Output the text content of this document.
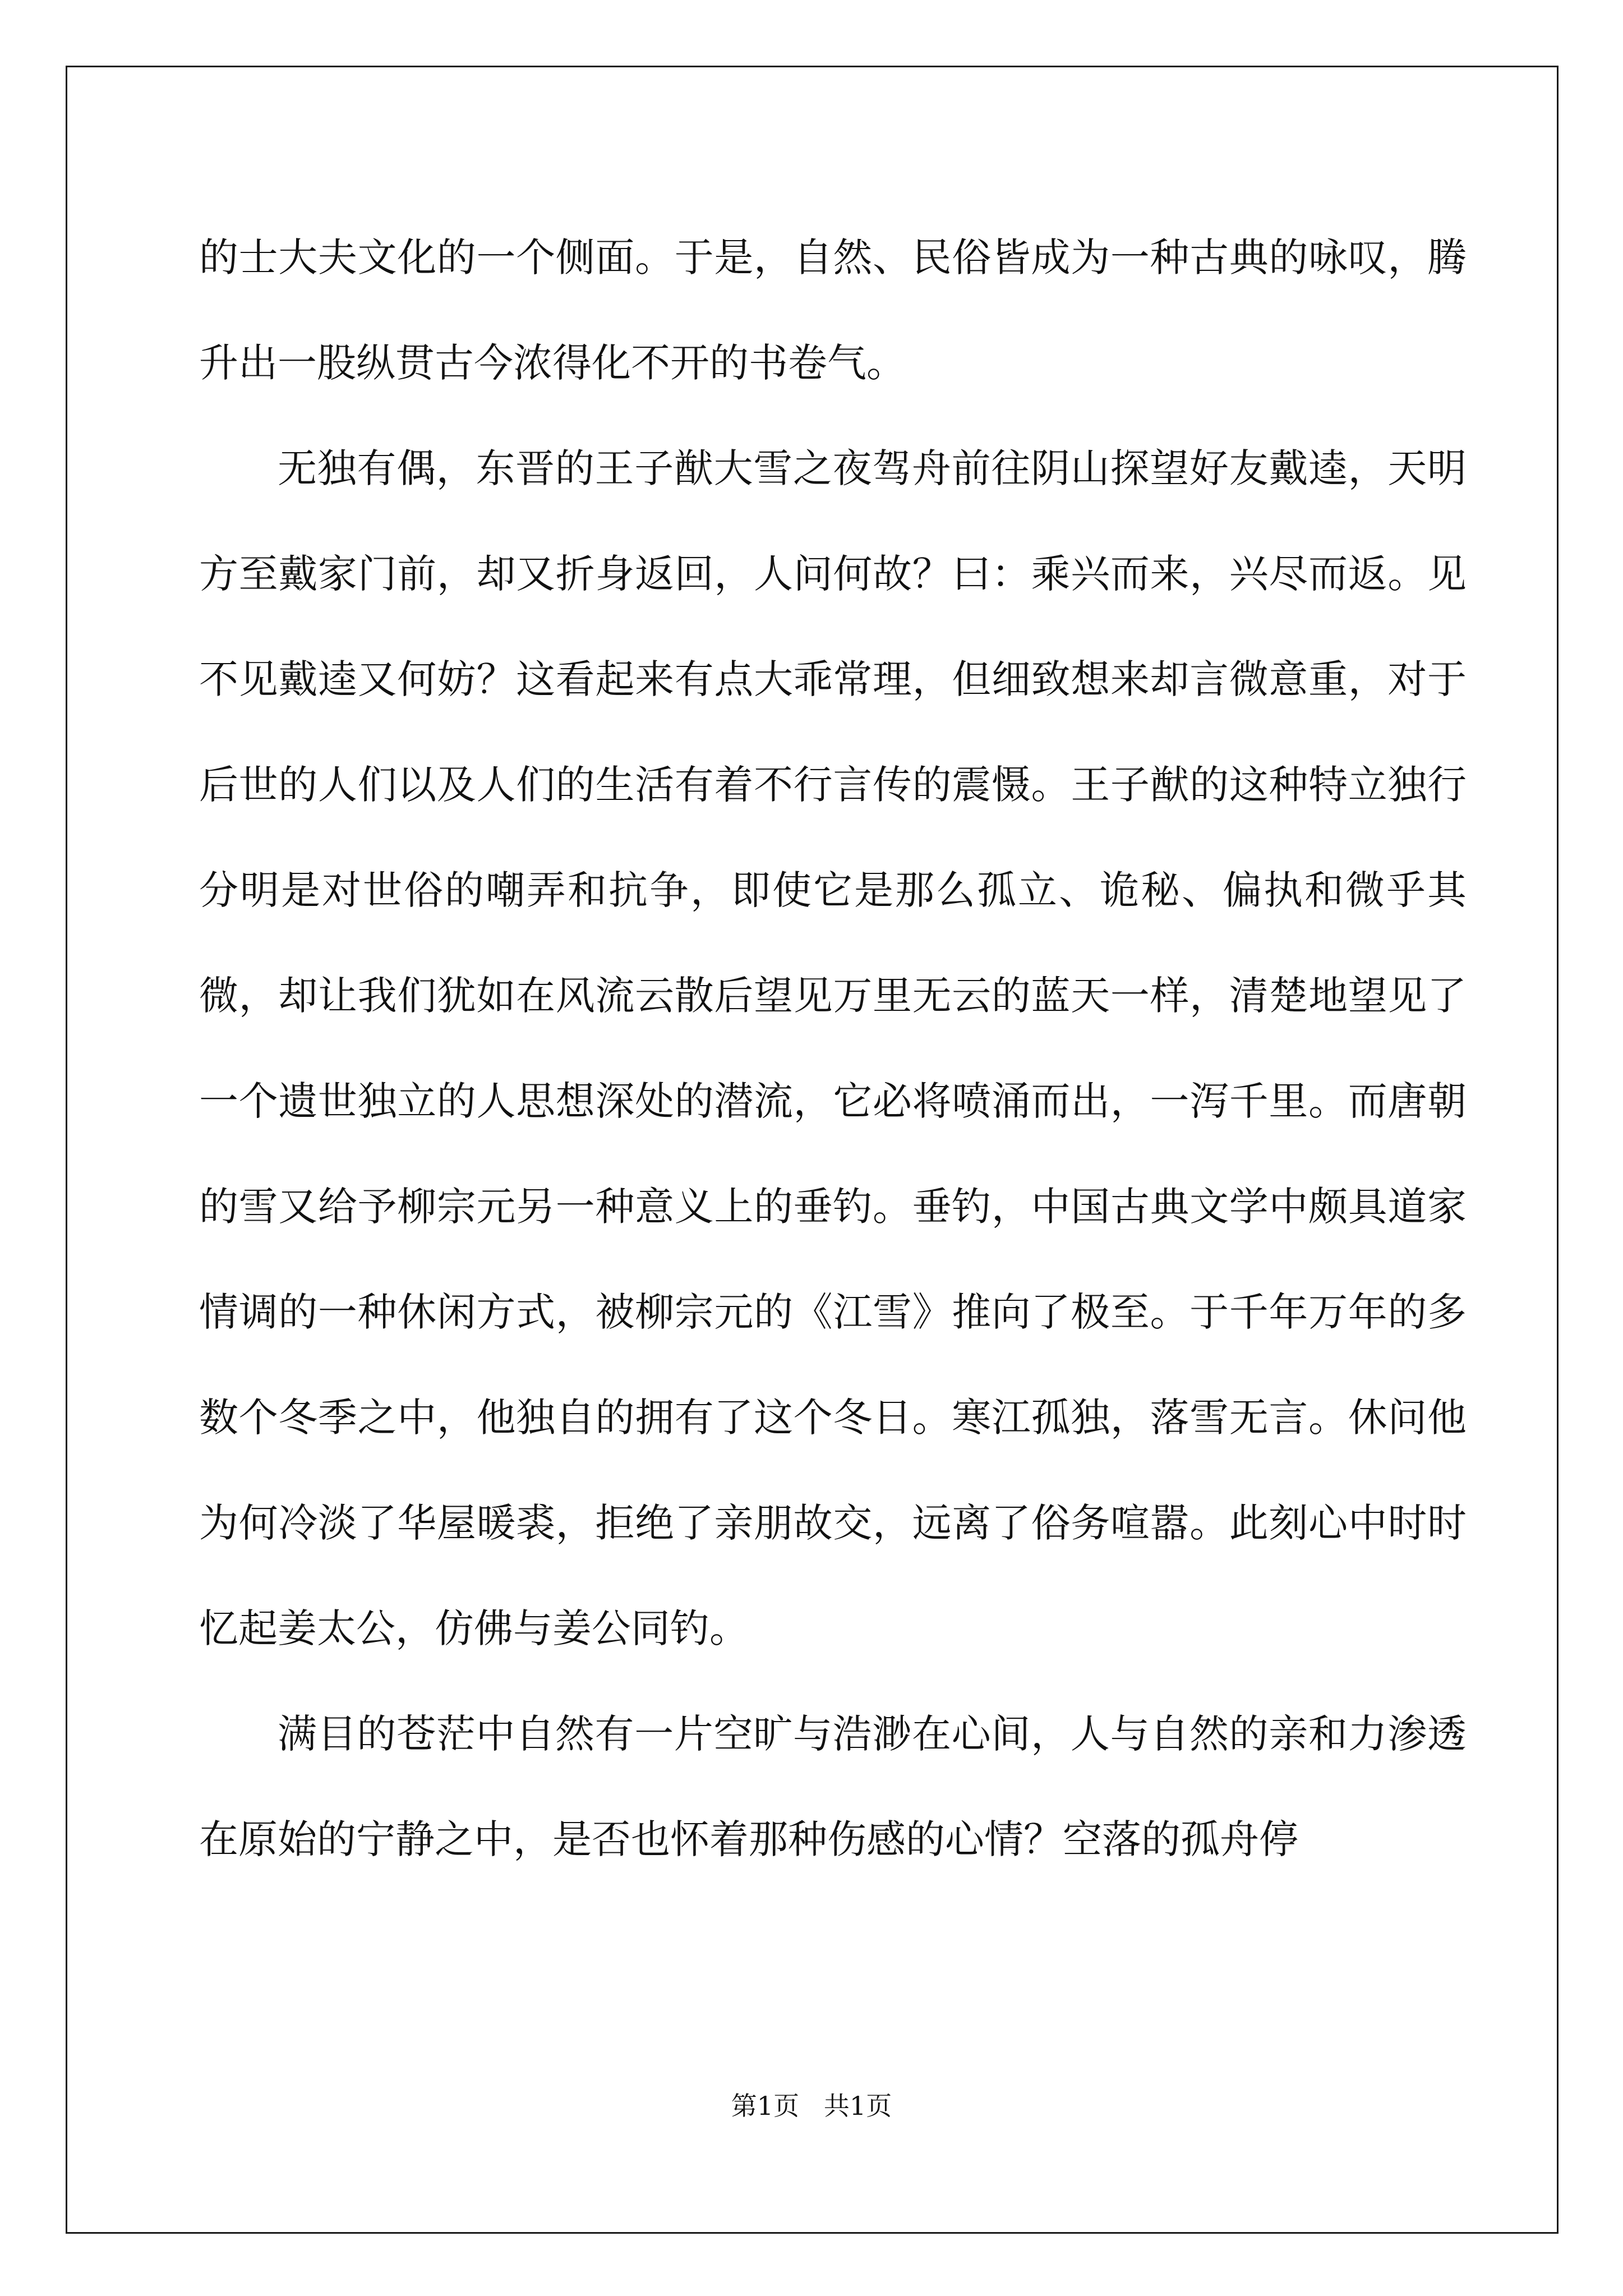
的士大夫文化的一个侧面。于是，自然、民俗皆成为一种古典的咏叹，腾升出一股纵贯古今浓得化不开的书卷气。

无独有偶，东晋的王子猷大雪之夜驾舟前往阴山探望好友戴逵，天明方至戴家门前，却又折身返回，人问何故？曰：乘兴而来，兴尽而返。见不见戴逵又何妨？这看起来有点大乖常理，但细致想来却言微意重，对于后世的人们以及人们的生活有着不行言传的震慑。王子猷的这种特立独行分明是对世俗的嘲弄和抗争，即使它是那么孤立、诡秘、偏执和微乎其微，却让我们犹如在风流云散后望见万里无云的蓝天一样，清楚地望见了一个遗世独立的人思想深处的潜流，它必将喷涌而出，一泻千里。而唐朝的雪又给予柳宗元另一种意义上的垂钓。垂钓，中国古典文学中颇具道家情调的一种休闲方式，被柳宗元的《江雪》推向了极至。于千年万年的多数个冬季之中，他独自的拥有了这个冬日。寒江孤独，落雪无言。休问他为何冷淡了华屋暖裘，拒绝了亲朋故交，远离了俗务喧嚣。此刻心中时时忆起姜太公，仿佛与姜公同钓。

满目的苍茫中自然有一片空旷与浩渺在心间，人与自然的亲和力渗透在原始的宁静之中，是否也怀着那种伤感的心情？空落的孤舟停

第1页   共1页
